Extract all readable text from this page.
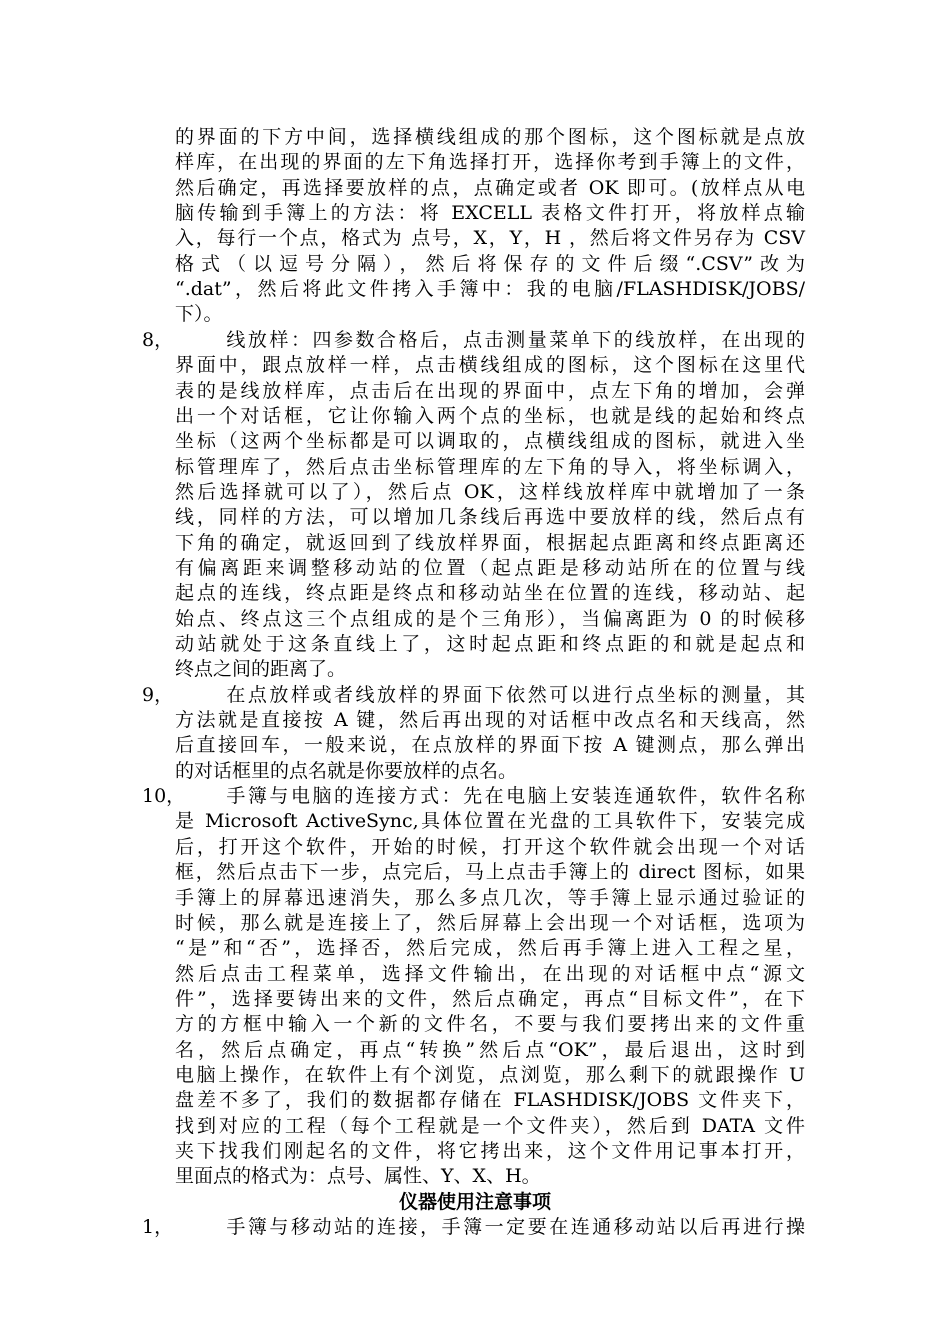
的界面的下方中间，选择横线组成的那个图标，这个图标就是点放
样库，在出现的界面的左下角选择打开，选择你考到手簿上的文件，
然后确定，再选择要放样的点，点确定或者 OK 即可。(放样点从电
脑传输到手簿上的方法：将 EXCELL 表格文件打开，将放样点输
入，每行一个点，格式为 点号，X，Y，H ，然后将文件另存为 CSV
格式（以逗号分隔），然后将保存的文件后缀“.CSV”改为
“.dat”，然后将此文件拷入手簿中：我的电脑/FLASHDISK/JOBS/
下）。
8， 线放样：四参数合格后，点击测量菜单下的线放样，在出现的
界面中，跟点放样一样，点击横线组成的图标，这个图标在这里代
表的是线放样库，点击后在出现的界面中，点左下角的增加，会弹
出一个对话框，它让你输入两个点的坐标，也就是线的起始和终点
坐标（这两个坐标都是可以调取的，点横线组成的图标，就进入坐
标管理库了，然后点击坐标管理库的左下角的导入，将坐标调入，
然后选择就可以了），然后点 OK，这样线放样库中就增加了一条
线，同样的方法，可以增加几条线后再选中要放样的线，然后点有
下角的确定，就返回到了线放样界面，根据起点距离和终点距离还
有偏离距来调整移动站的位置（起点距是移动站所在的位置与线
起点的连线，终点距是终点和移动站坐在位置的连线，移动站、起
始点、终点这三个点组成的是个三角形），当偏离距为 0 的时候移
动站就处于这条直线上了，这时起点距和终点距的和就是起点和
终点之间的距离了。
9， 在点放样或者线放样的界面下依然可以进行点坐标的测量，其
方法就是直接按 A 键，然后再出现的对话框中改点名和天线高，然
后直接回车，一般来说，在点放样的界面下按 A 键测点，那么弹出
的对话框里的点名就是你要放样的点名。
10，
手簿与电脑的连接方式：先在电脑上安装连通软件，软件名称
是 Microsoft ActiveSync,具体位置在光盘的工具软件下，安装完成
后，打开这个软件，开始的时候，打开这个软件就会出现一个对话
框，然后点击下一步，点完后，马上点击手簿上的 direct 图标，如果
手簿上的屏幕迅速消失，那么多点几次，等手簿上显示通过验证的
时候，那么就是连接上了，然后屏幕上会出现一个对话框，选项为
“是”和“否”，选择否，然后完成，然后再手簿上进入工程之星，
然后点击工程菜单，选择文件输出，在出现的对话框中点“源文
件”，选择要铸出来的文件，然后点确定，再点“目标文件”，在下
方的方框中输入一个新的文件名，不要与我们要拷出来的文件重
名，然后点确定，再点“转换”然后点“OK”，最后退出，这时到
电脑上操作，在软件上有个浏览，点浏览，那么剩下的就跟操作 U
盘差不多了，我们的数据都存储在 FLASHDISK/JOBS 文件夹下，
找到对应的工程（每个工程就是一个文件夹），然后到 DATA 文件
夹下找我们刚起名的文件，将它拷出来，这个文件用记事本打开，
里面点的格式为：点号、属性、Y、X、H。
仪器使用注意事项
1， 手簿与移动站的连接，手簿一定要在连通移动站以后再进行操
